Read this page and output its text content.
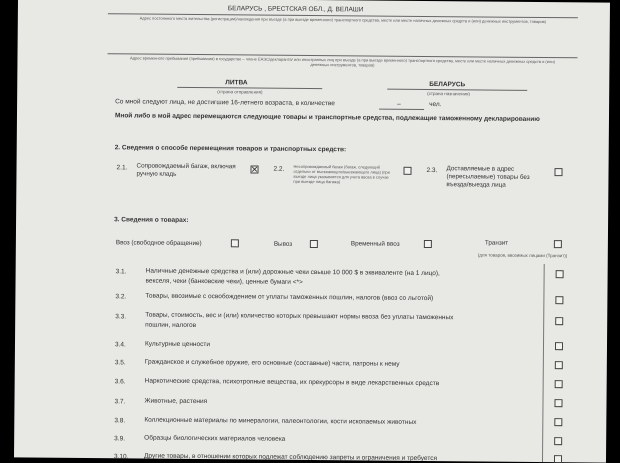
БЕЛАРУСЬ , БРЕСТСКАЯ ОБЛ., Д. ВЕЛАШИ
Адрес постоянного места жительства (регистрации)/нахождения при въезде (а при выезде временного) транспортного средства, месте или месте наличных денежных средств и (или) денежных инструментов, товаров)
Адрес временного пребывания (пребывания) в государстве – члене ЕАЭС/декларанта/ или иностранных лиц при въезде (а при выезде временного) транспортного средства, месте или месте наличных денежных средств и (или) денежных инструментов, товаров)
ЛИТВА	БЕЛАРУСЬ
(страна отправления)	(страна назначения)
Со мной следуют лица, не достигшие 16-летнего возраста, в количестве	–	чел.
Мной либо в мой адрес перемещаются следующие товары и транспортные средства, подлежащие таможенному декларированию
2. Сведения о способе перемещения товаров и транспортных средств:
2.1. Сопровождаемый багаж, включая ручную кладь	✕ 2.2. Несопровождаемый багаж (багаж, следующий отдельно от въезжающего/выезжающего лица) (при въезде лица указывается для учета ввоза в случае при выезде лица багажа)
2.3. Доставляемые в адрес (пересылаемые) товары без въезда/выезда лица
3. Сведения о товарах:
Ввоз (свободное обращение)	Вывоз	Временный ввоз	Транзит
(для товаров, ввозимых лицами (Транзит))
3.1.	Наличные денежные средства и (или) дорожные чеки свыше 10 000 $ в эквиваленте (на 1 лицо),
векселя, чеки (банковские чеки), ценные бумаги <*>
3.2.	Товары, ввозимые с освобождением от уплаты таможенных пошлин, налогов (ввоз со льготой)
3.3.	Товары, стоимость, вес и (или) количество которых превышают нормы ввоза без уплаты таможенных
пошлин, налогов
3.4.	Культурные ценности
3.5.	Гражданское и служебное оружие, его основные (составные) части, патроны к нему
3.6.	Наркотические средства, психотропные вещества, их прекурсоры в виде лекарственных средств
3.7.	Животные, растения
3.8.	Коллекционные материалы по минералогии, палеонтологии, кости ископаемых животных
3.9.	Образцы биологических материалов человека
3.10. Другие товары, в отношении которых подлежат соблюдению запреты и ограничения и требуется
